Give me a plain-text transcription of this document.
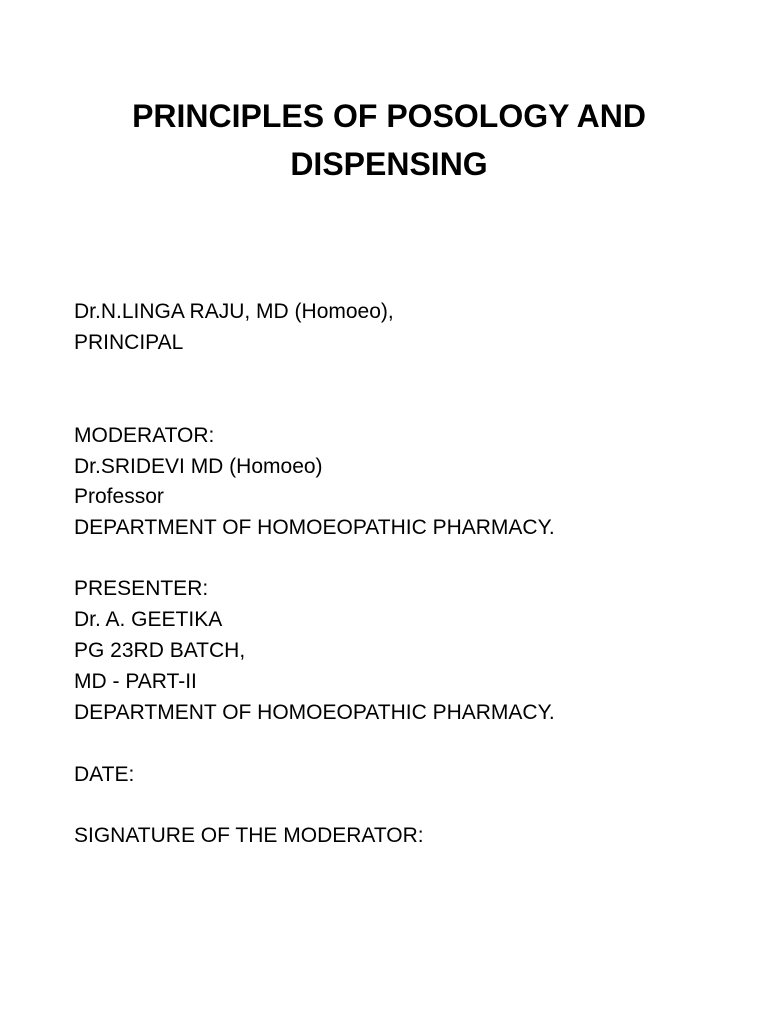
PRINCIPLES OF POSOLOGY AND
DISPENSING
Dr.N.LINGA RAJU, MD (Homoeo),
PRINCIPAL
MODERATOR:
Dr.SRIDEVI MD (Homoeo)
Professor
DEPARTMENT OF HOMOEOPATHIC PHARMACY.
PRESENTER:
Dr. A. GEETIKA
PG 23RD BATCH,
MD - PART-II
DEPARTMENT OF HOMOEOPATHIC PHARMACY.
DATE:
SIGNATURE OF THE MODERATOR:
